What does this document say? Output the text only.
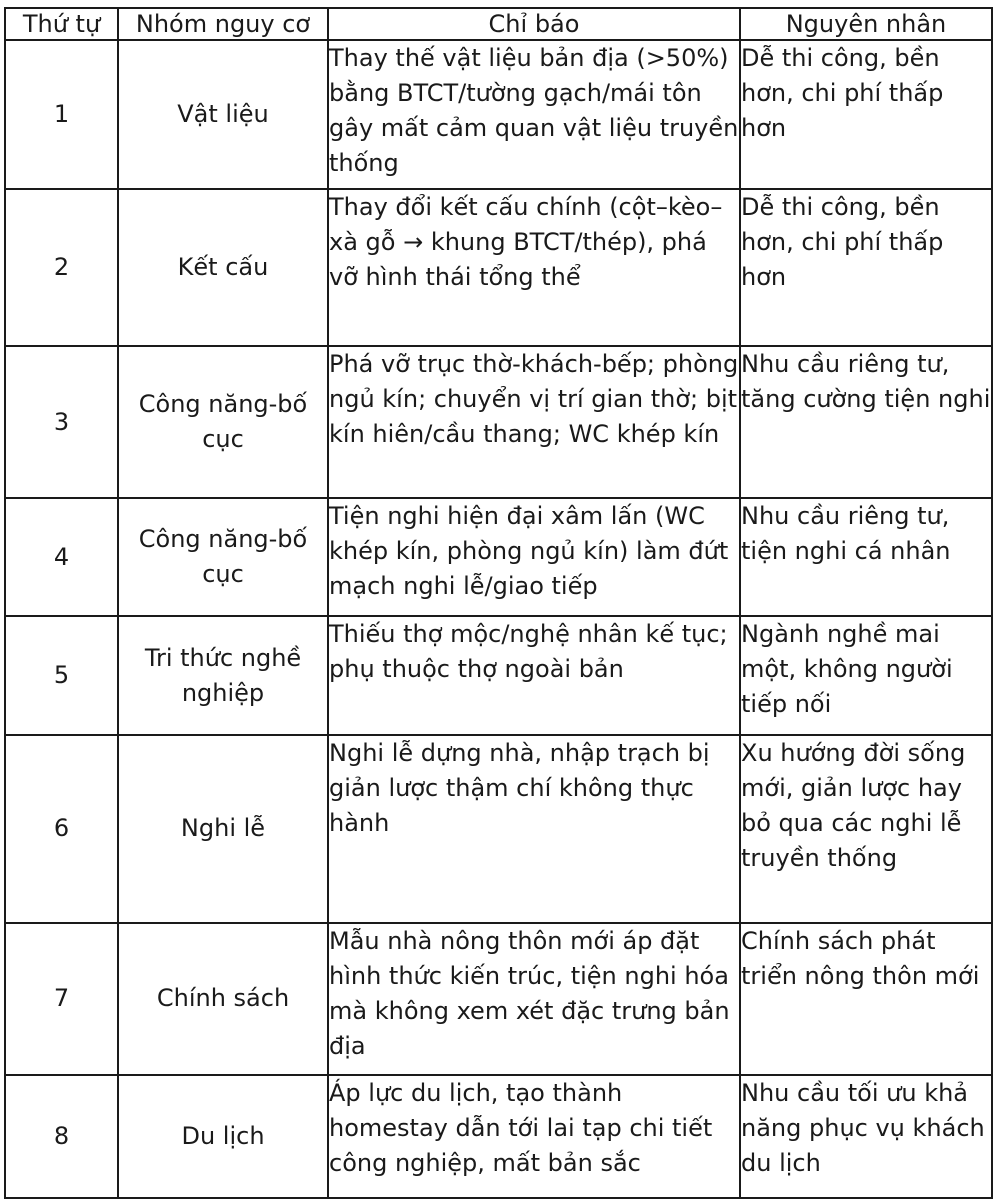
Thứ tự	Nhóm nguy cơ	Chỉ báo	Nguyên nhân
1	Vật liệu	Thay thế vật liệu bản địa (>50%) bằng BTCT/tường gạch/mái tôn gây mất cảm quan vật liệu truyền thống	Dễ thi công, bền hơn, chi phí thấp hơn
2	Kết cấu	Thay đổi kết cấu chính (cột–kèo–xà gỗ → khung BTCT/thép), phá vỡ hình thái tổng thể	Dễ thi công, bền hơn, chi phí thấp hơn
3	Công năng-bố cục	Phá vỡ trục thờ-khách-bếp; phòng ngủ kín; chuyển vị trí gian thờ; bịt kín hiên/cầu thang; WC khép kín	Nhu cầu riêng tư, tăng cường tiện nghi
4	Công năng-bố cục	Tiện nghi hiện đại xâm lấn (WC khép kín, phòng ngủ kín) làm đứt mạch nghi lễ/giao tiếp	Nhu cầu riêng tư, tiện nghi cá nhân
5	Tri thức nghề nghiệp	Thiếu thợ mộc/nghệ nhân kế tục; phụ thuộc thợ ngoài bản	Ngành nghề mai một, không người tiếp nối
6	Nghi lễ	Nghi lễ dựng nhà, nhập trạch bị giản lược thậm chí không thực hành	Xu hướng đời sống mới, giản lược hay bỏ qua các nghi lễ truyền thống
7	Chính sách	Mẫu nhà nông thôn mới áp đặt hình thức kiến trúc, tiện nghi hóa mà không xem xét đặc trưng bản địa	Chính sách phát triển nông thôn mới
8	Du lịch	Áp lực du lịch, tạo thành homestay dẫn tới lai tạp chi tiết công nghiệp, mất bản sắc	Nhu cầu tối ưu khả năng phục vụ khách du lịch
